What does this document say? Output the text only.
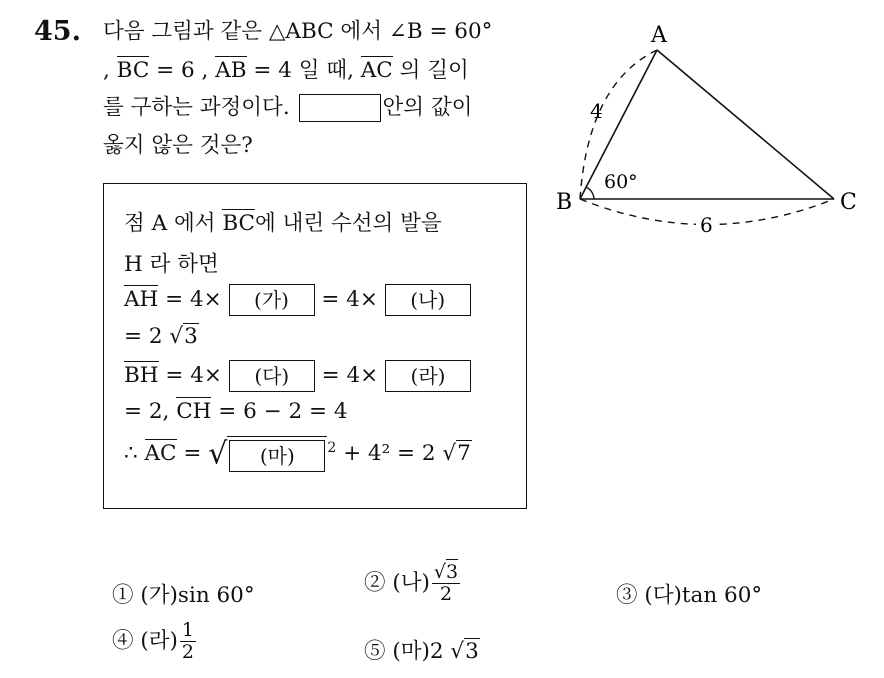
45. 다음 그림과 같은 △ABC 에서 ∠B = 60°
, BC = 6 , AB = 4 일 때, AC 의 길이
를 구하는 과정이다.	안의 값이
옳지 않은 것은?
A
B	C
4
6
60°
점 A 에서 BC에 내린 수선의 발을
H 라 하면
AH = 4× (가) = 4× (나)
= 2 √3
BH = 4× (다) = 4× (라)
= 2, CH = 6 − 2 = 4
∴ AC = √ (마) $^2$ + 4² = 2 √7
① (가)sin 60°
② (나) $\frac{√3}{2}$	③ (다)tan 60°
④ (라) $\frac{1}{2}$	⑤ (마)2 √3
